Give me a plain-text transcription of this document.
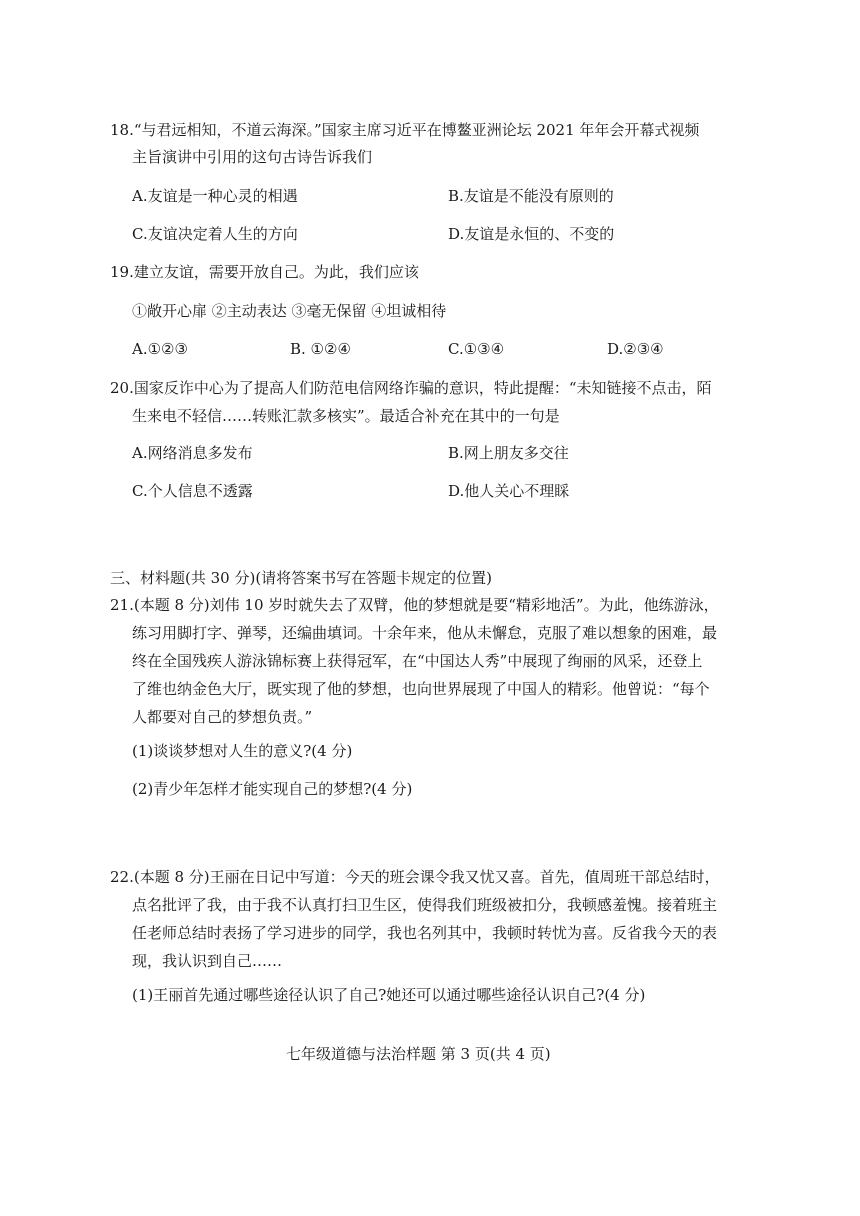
18.“与君远相知，不道云海深。”国家主席习近平在博鳌亚洲论坛 2021 年年会开幕式视频
主旨演讲中引用的这句古诗告诉我们
A.友谊是一种心灵的相遇	B.友谊是不能没有原则的
C.友谊决定着人生的方向	D.友谊是永恒的、不变的
19.建立友谊，需要开放自己。为此，我们应该
①敞开心扉 ②主动表达 ③毫无保留 ④坦诚相待
A.①②③	B. ①②④	C.①③④	D.②③④
20.国家反诈中心为了提高人们防范电信网络诈骗的意识，特此提醒：“未知链接不点击，陌
生来电不轻信……转账汇款多核实”。最适合补充在其中的一句是
A.网络消息多发布	B.网上朋友多交往
C.个人信息不透露	D.他人关心不理睬
三、材料题(共 30 分)(请将答案书写在答题卡规定的位置)
21.(本题 8 分)刘伟 10 岁时就失去了双臂，他的梦想就是要“精彩地活”。为此，他练游泳，
练习用脚打字、弹琴，还编曲填词。十余年来，他从未懈怠，克服了难以想象的困难，最
终在全国残疾人游泳锦标赛上获得冠军，在“中国达人秀”中展现了绚丽的风采，还登上
了维也纳金色大厅，既实现了他的梦想，也向世界展现了中国人的精彩。他曾说：“每个
人都要对自己的梦想负责。”
(1)谈谈梦想对人生的意义?(4 分)
(2)青少年怎样才能实现自己的梦想?(4 分)
22.(本题 8 分)王丽在日记中写道：今天的班会课令我又忧又喜。首先，值周班干部总结时，
点名批评了我，由于我不认真打扫卫生区，使得我们班级被扣分，我顿感羞愧。接着班主
任老师总结时表扬了学习进步的同学，我也名列其中，我顿时转忧为喜。反省我今天的表
现，我认识到自己……
(1)王丽首先通过哪些途径认识了自己?她还可以通过哪些途径认识自己?(4 分)
七年级道德与法治样题 第 3 页(共 4 页)
